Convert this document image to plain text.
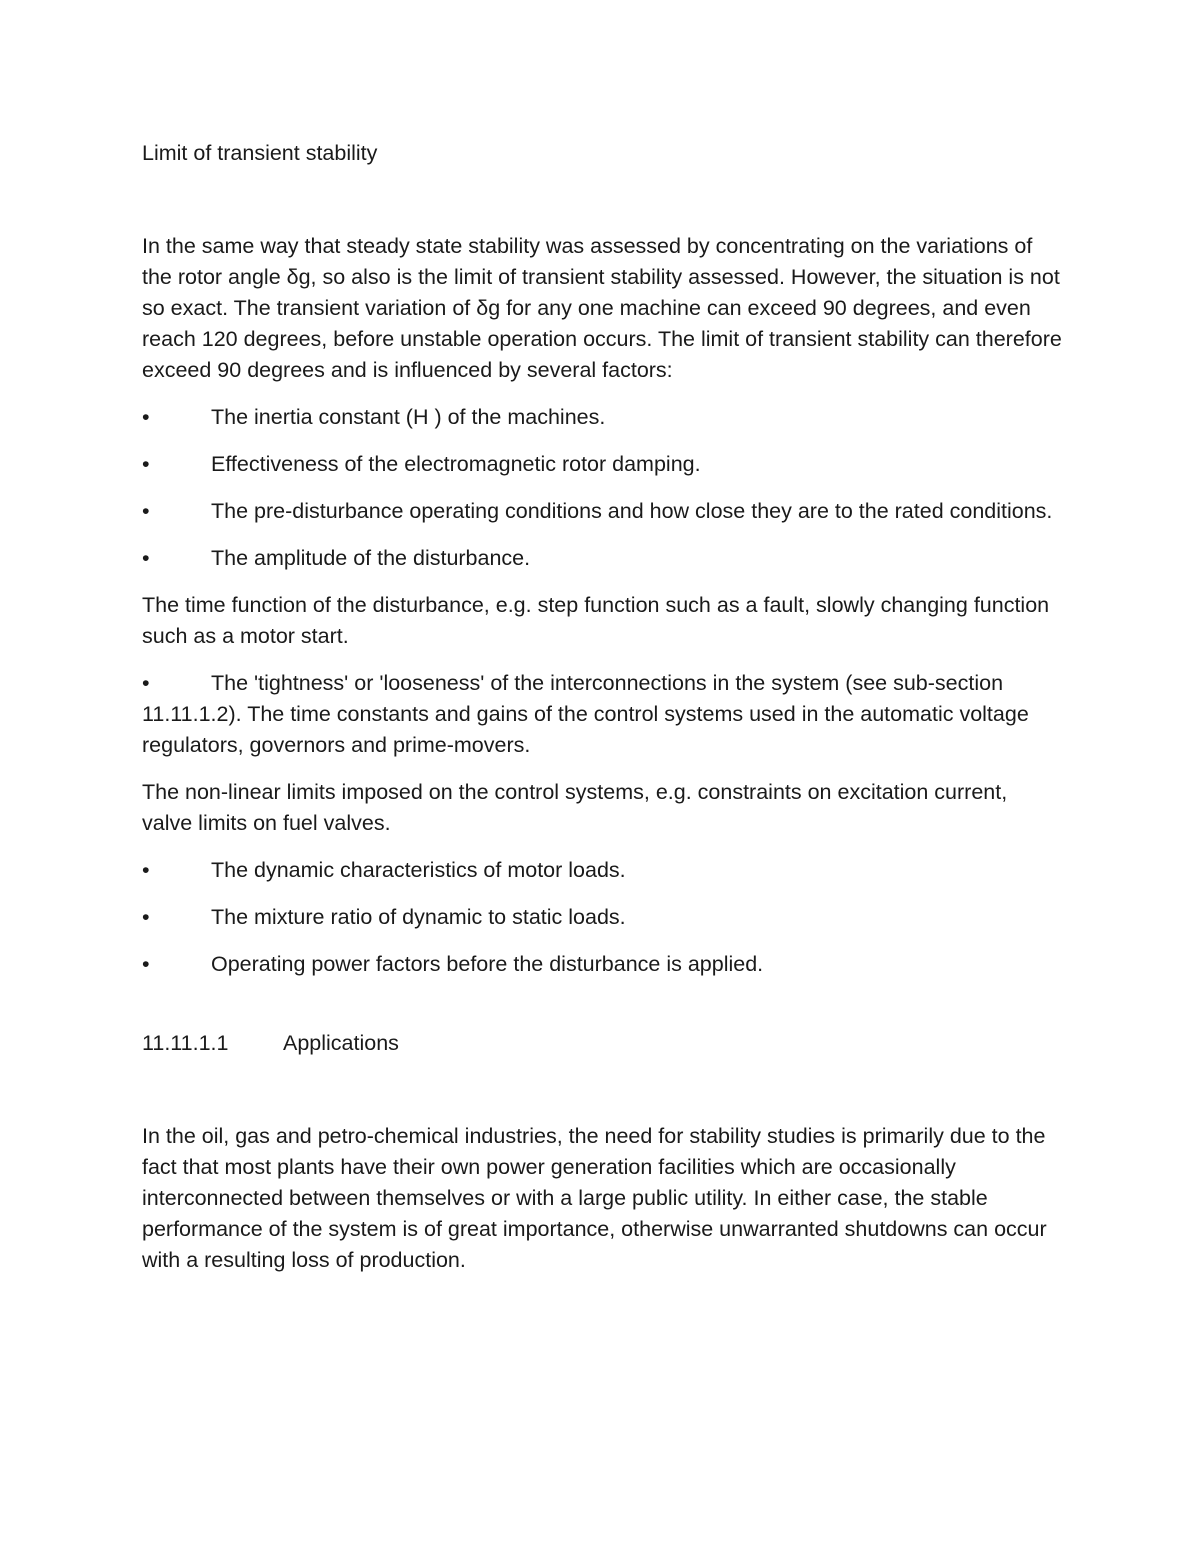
Limit of transient stability

In the same way that steady state stability was assessed by concentrating on the variations of the rotor angle δg, so also is the limit of transient stability assessed. However, the situation is not so exact. The transient variation of δg for any one machine can exceed 90 degrees, and even reach 120 degrees, before unstable operation occurs. The limit of transient stability can therefore exceed 90 degrees and is influenced by several factors:

•	The inertia constant (H ) of the machines.

•	Effectiveness of the electromagnetic rotor damping.

•	The pre-disturbance operating conditions and how close they are to the rated conditions.

•	The amplitude of the disturbance.

The time function of the disturbance, e.g. step function such as a fault, slowly changing function such as a motor start.

•	The 'tightness' or 'looseness' of the interconnections in the system (see sub-section 11.11.1.2). The time constants and gains of the control systems used in the automatic voltage regulators, governors and prime-movers.

The non-linear limits imposed on the control systems, e.g. constraints on excitation current, valve limits on fuel valves.

•	The dynamic characteristics of motor loads.

•	The mixture ratio of dynamic to static loads.

•	Operating power factors before the disturbance is applied.

11.11.1.1	Applications

In the oil, gas and petro-chemical industries, the need for stability studies is primarily due to the fact that most plants have their own power generation facilities which are occasionally interconnected between themselves or with a large public utility. In either case, the stable performance of the system is of great importance, otherwise unwarranted shutdowns can occur with a resulting loss of production.
